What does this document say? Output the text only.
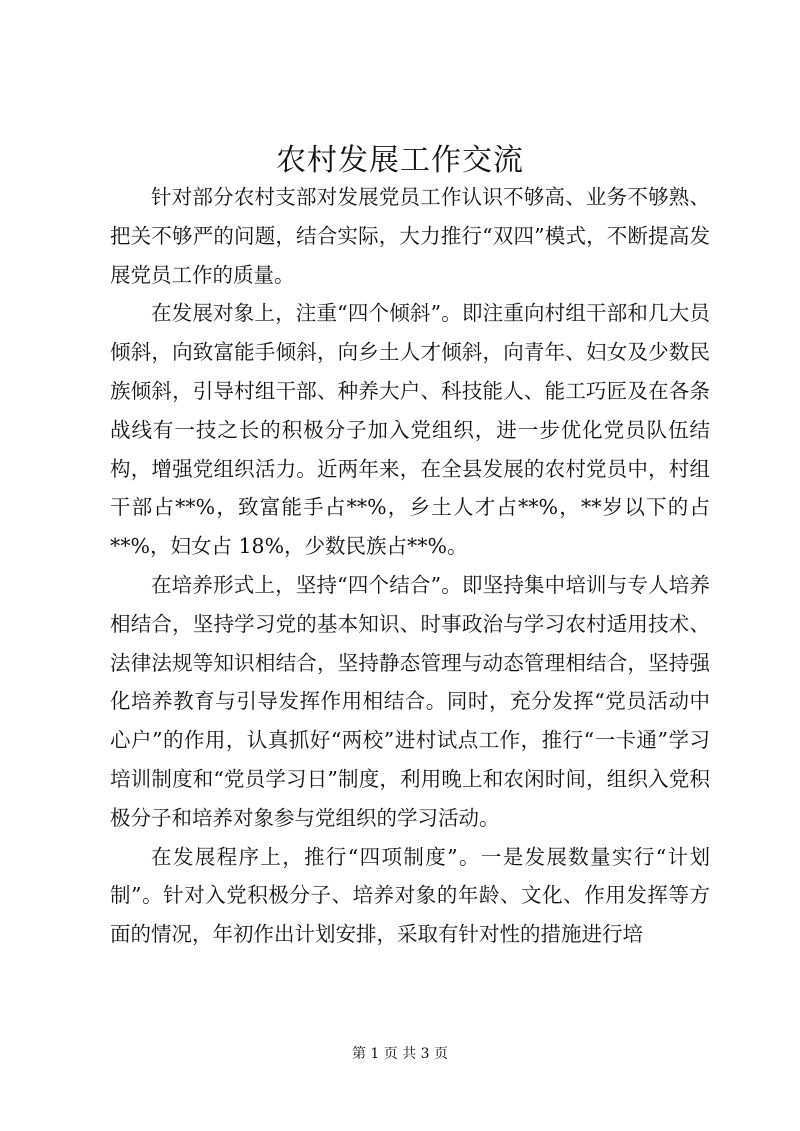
农村发展工作交流

针对部分农村支部对发展党员工作认识不够高、业务不够熟、把关不够严的问题，结合实际，大力推行“双四”模式，不断提高发展党员工作的质量。

在发展对象上，注重“四个倾斜”。即注重向村组干部和几大员倾斜，向致富能手倾斜，向乡土人才倾斜，向青年、妇女及少数民族倾斜，引导村组干部、种养大户、科技能人、能工巧匠及在各条战线有一技之长的积极分子加入党组织，进一步优化党员队伍结构，增强党组织活力。近两年来，在全县发展的农村党员中，村组干部占**%，致富能手占**%，乡土人才占**%，**岁以下的占**%，妇女占 18%，少数民族占**%。

在培养形式上，坚持“四个结合”。即坚持集中培训与专人培养相结合，坚持学习党的基本知识、时事政治与学习农村适用技术、法律法规等知识相结合，坚持静态管理与动态管理相结合，坚持强化培养教育与引导发挥作用相结合。同时，充分发挥“党员活动中心户”的作用，认真抓好“两校”进村试点工作，推行“一卡通”学习培训制度和“党员学习日”制度，利用晚上和农闲时间，组织入党积极分子和培养对象参与党组织的学习活动。

在发展程序上，推行“四项制度”。一是发展数量实行“计划制”。针对入党积极分子、培养对象的年龄、文化、作用发挥等方面的情况，年初作出计划安排，采取有针对性的措施进行培

第 1 页 共 3 页
